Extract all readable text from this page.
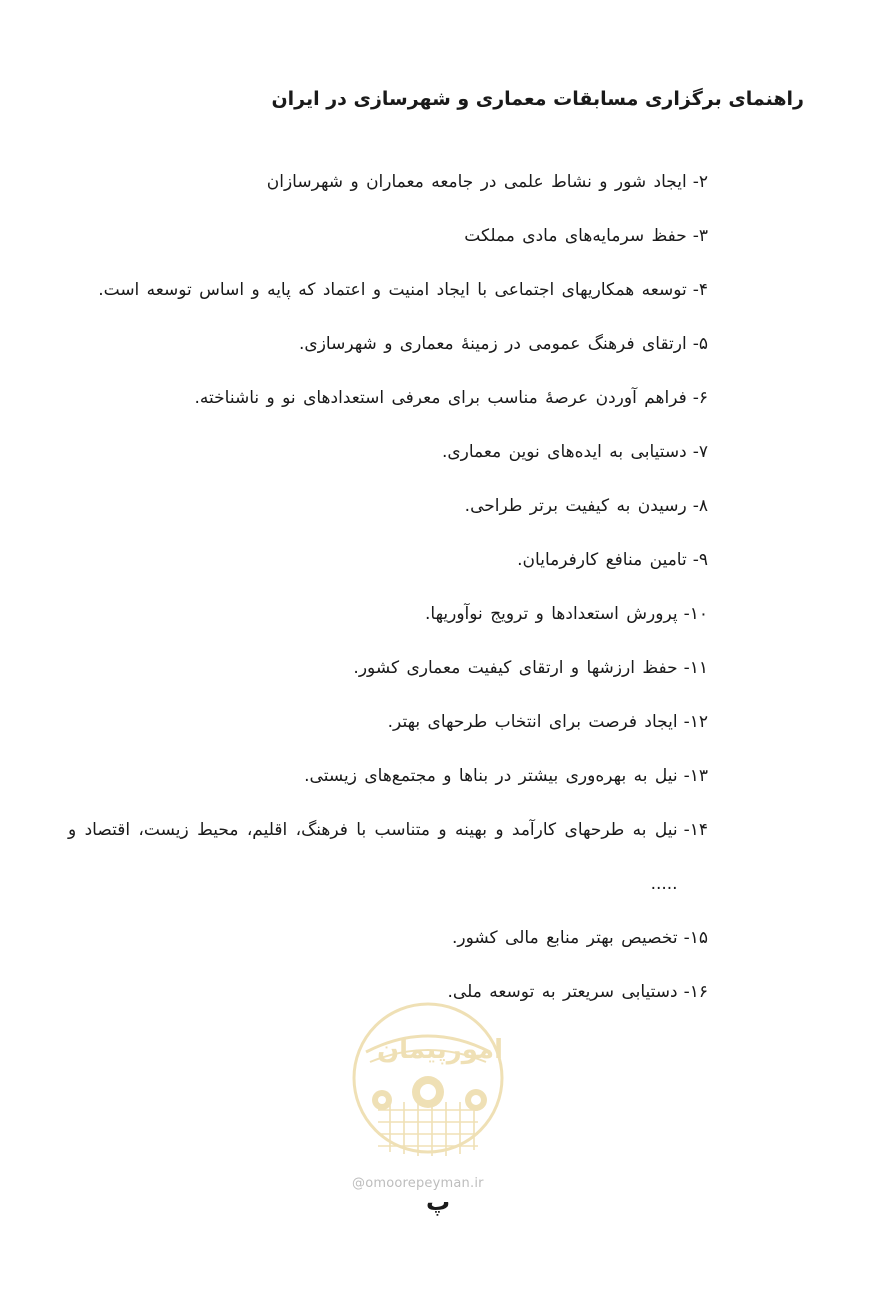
راهنمای برگزاری مسابقات معماری و شهرسازی در ایران
۲-
ایجاد شور و نشاط علمی در جامعه معماران و شهرسازان
۳-
حفظ سرمایه‌های مادی مملکت
۴-
توسعه همکاریهای اجتماعی با ایجاد امنیت و اعتماد که پایه و اساس توسعه است.
۵-
ارتقای فرهنگ عمومی در زمینهٔ معماری و شهرسازی.
۶-
فراهم آوردن عرصهٔ مناسب برای معرفی استعدادهای نو و ناشناخته.
۷-
دستیابی به ایده‌های نوین معماری.
۸-
رسیدن به کیفیت برتر طراحی.
۹-
تامین منافع کارفرمایان.
۱۰-
پرورش استعدادها و ترویج نوآوریها.
۱۱-
حفظ ارزشها و ارتقای کیفیت معماری کشور.
۱۲-
ایجاد فرصت برای انتخاب طرحهای بهتر.
۱۳-
نیل به بهره‌وری بیشتر در بناها و مجتمع‌های زیستی.
۱۴-
نیل به طرحهای کارآمد و بهینه و متناسب با فرهنگ، اقلیم، محیط زیست، اقتصاد و .....
۱۵-
تخصیص بهتر منابع مالی کشور.
۱۶-
دستیابی سریعتر به توسعه ملی.
امورپیمان
@omoorepeyman.ir
پ
